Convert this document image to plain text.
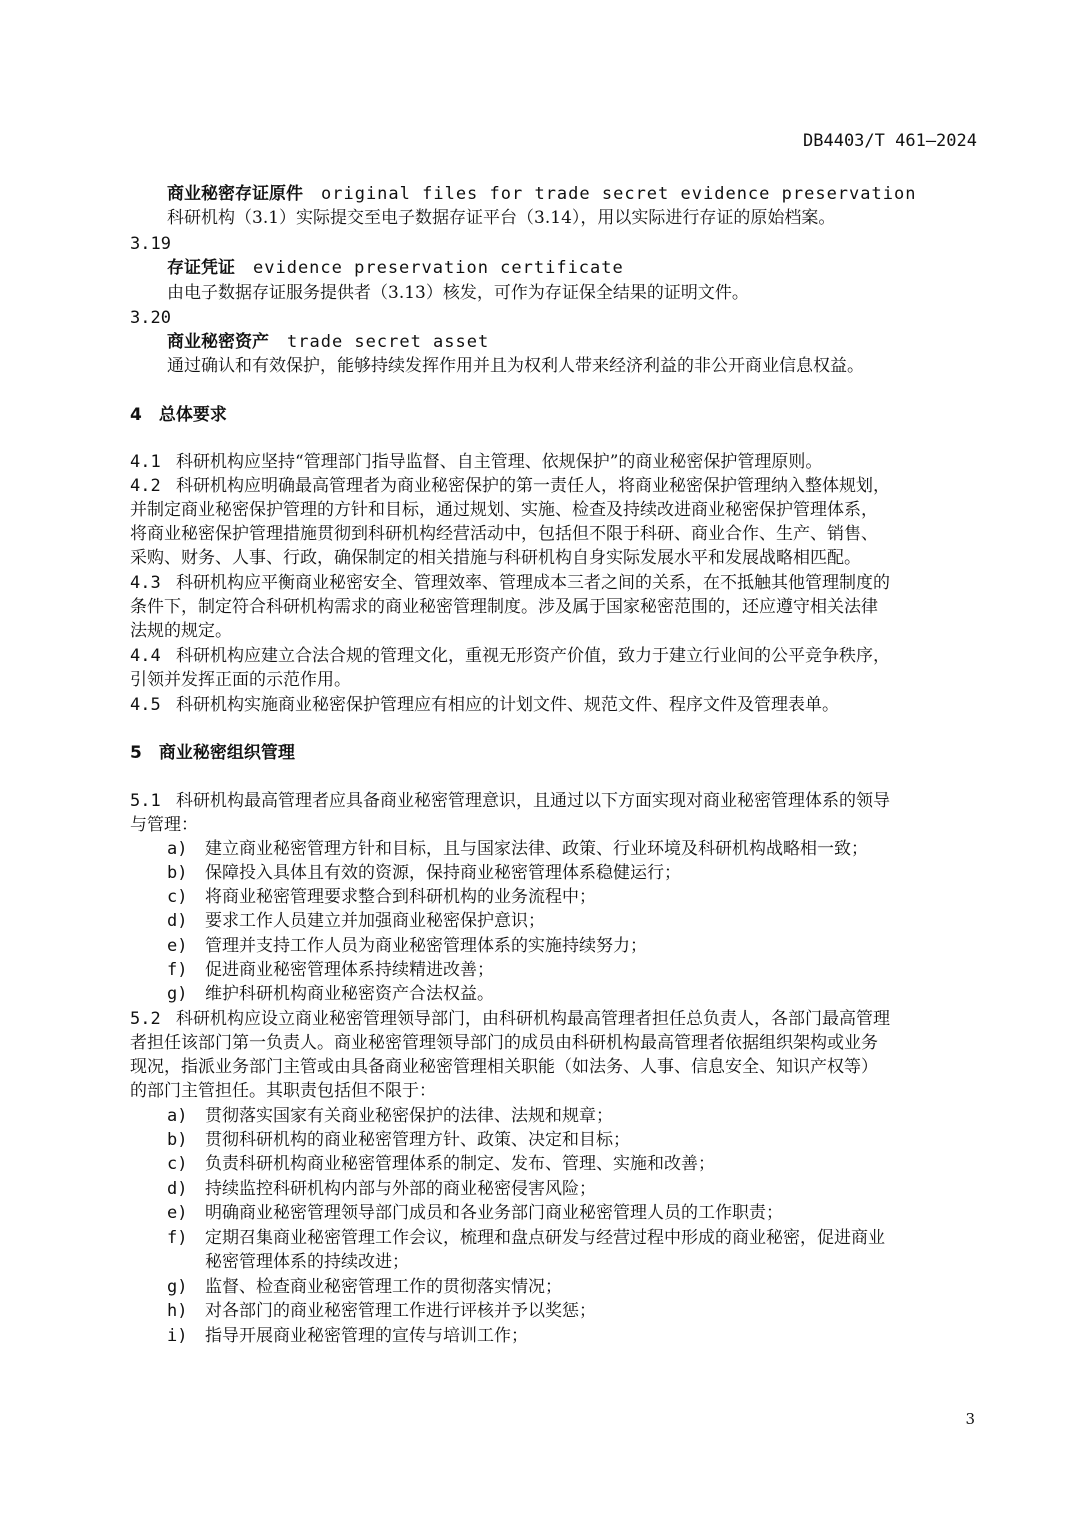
DB4403/T 461—2024
商业秘密存证原件 original files for trade secret evidence preservation
科研机构（3.1）实际提交至电子数据存证平台（3.14），用以实际进行存证的原始档案。
3.19
存证凭证 evidence preservation certificate
由电子数据存证服务提供者（3.13）核发，可作为存证保全结果的证明文件。
3.20
商业秘密资产 trade secret asset
通过确认和有效保护，能够持续发挥作用并且为权利人带来经济利益的非公开商业信息权益。
4　总体要求
4.1 科研机构应坚持“管理部门指导监督、自主管理、依规保护”的商业秘密保护管理原则。
4.2 科研机构应明确最高管理者为商业秘密保护的第一责任人，将商业秘密保护管理纳入整体规划，
并制定商业秘密保护管理的方针和目标，通过规划、实施、检查及持续改进商业秘密保护管理体系，
将商业秘密保护管理措施贯彻到科研机构经营活动中，包括但不限于科研、商业合作、生产、销售、
采购、财务、人事、行政，确保制定的相关措施与科研机构自身实际发展水平和发展战略相匹配。
4.3 科研机构应平衡商业秘密安全、管理效率、管理成本三者之间的关系，在不抵触其他管理制度的
条件下，制定符合科研机构需求的商业秘密管理制度。涉及属于国家秘密范围的，还应遵守相关法律
法规的规定。
4.4 科研机构应建立合法合规的管理文化，重视无形资产价值，致力于建立行业间的公平竞争秩序，
引领并发挥正面的示范作用。
4.5 科研机构实施商业秘密保护管理应有相应的计划文件、规范文件、程序文件及管理表单。
5　商业秘密组织管理
5.1 科研机构最高管理者应具备商业秘密管理意识，且通过以下方面实现对商业秘密管理体系的领导
与管理：
a) 建立商业秘密管理方针和目标，且与国家法律、政策、行业环境及科研机构战略相一致；
b) 保障投入具体且有效的资源，保持商业秘密管理体系稳健运行；
c) 将商业秘密管理要求整合到科研机构的业务流程中；
d) 要求工作人员建立并加强商业秘密保护意识；
e) 管理并支持工作人员为商业秘密管理体系的实施持续努力；
f) 促进商业秘密管理体系持续精进改善；
g) 维护科研机构商业秘密资产合法权益。
5.2 科研机构应设立商业秘密管理领导部门，由科研机构最高管理者担任总负责人，各部门最高管理
者担任该部门第一负责人。商业秘密管理领导部门的成员由科研机构最高管理者依据组织架构或业务
现况，指派业务部门主管或由具备商业秘密管理相关职能（如法务、人事、信息安全、知识产权等）
的部门主管担任。其职责包括但不限于：
a) 贯彻落实国家有关商业秘密保护的法律、法规和规章；
b) 贯彻科研机构的商业秘密管理方针、政策、决定和目标；
c) 负责科研机构商业秘密管理体系的制定、发布、管理、实施和改善；
d) 持续监控科研机构内部与外部的商业秘密侵害风险；
e) 明确商业秘密管理领导部门成员和各业务部门商业秘密管理人员的工作职责；
f) 定期召集商业秘密管理工作会议，梳理和盘点研发与经营过程中形成的商业秘密，促进商业
秘密管理体系的持续改进；
g) 监督、检查商业秘密管理工作的贯彻落实情况；
h) 对各部门的商业秘密管理工作进行评核并予以奖惩；
i) 指导开展商业秘密管理的宣传与培训工作；
3
